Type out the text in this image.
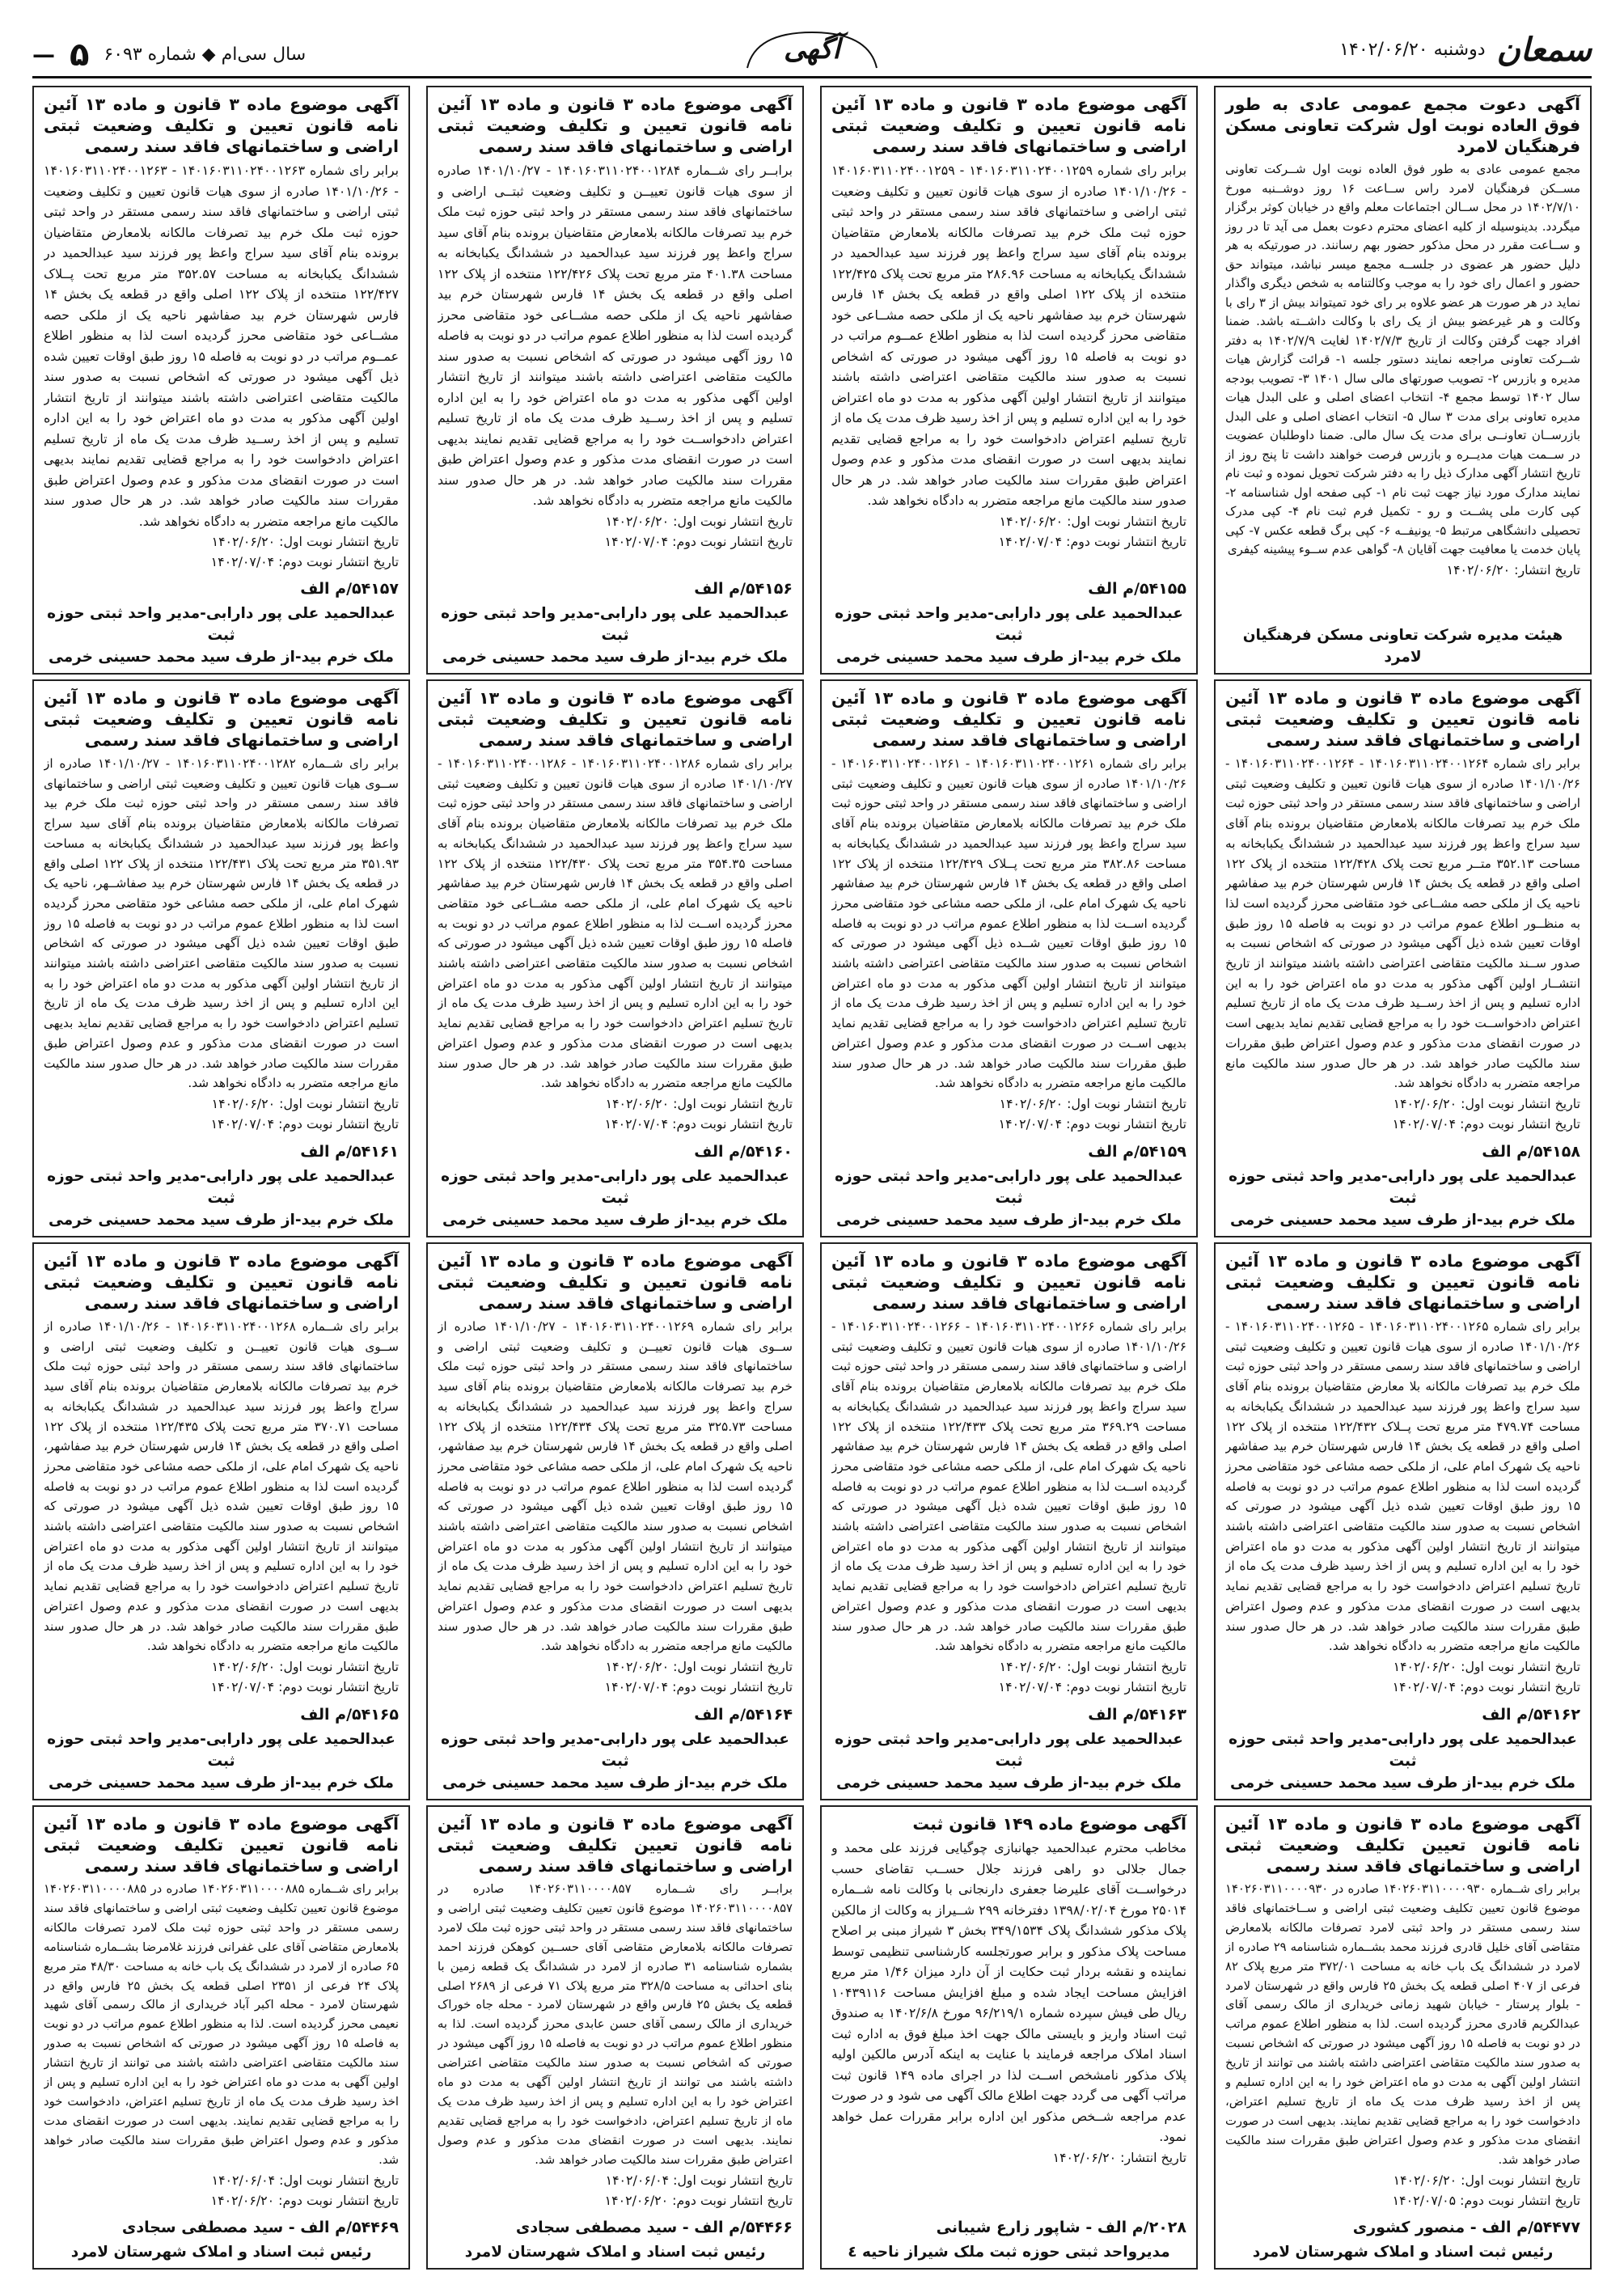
سمعان
دوشنبه ۱۴۰۲/۰۶/۲۰
آگهی
سال سی‌ام ◆ شماره ۶۰۹۳
۵
—
آگهی دعوت مجمع عمومی عادی به طور فوق العاده نوبت اول شرکت تعاونی مسکن فرهنگیان لامرد

مجمع عمومی عادی به طور فوق العاده نوبت اول شــرکت تعاونی مســکن فرهنگیان لامرد راس ســاعت ۱۶ روز دوشــنبه مورخ ۱۴۰۲/۷/۱۰ در محل ســالن اجتماعات معلم واقع در خیابان کوثر برگزار میگردد. بدینوسیله از کلیه اعضای محترم دعوت بعمل می آید تا در روز و ســاعت مقرر در محل مذکور حضور بهم رسانند. در صورتیکه به هر دلیل حضور هر عضوی در جلســه مجمع میسر نباشد، میتواند حق حضور و اعمال رای خود را به موجب وکالتنامه به شخص دیگری واگذار نماید در هر صورت هر عضو علاوه بر رای خود تمیتواند بیش از ۳ رای با وکالت و هر غیرعضو بیش از یک رای با وکالت داشــته باشد. ضمنا افراد جهت گرفتن وکالت از تاریخ ۱۴۰۲/۷/۳ لغایت ۱۴۰۲/۷/۹ به دفتر شــرکت تعاونی مراجعه نمایند دستور جلسه ۱- قرائت گزارش هیات مدیره و بازرس ۲- تصویب صورتهای مالی سال ۱۴۰۱ ۳- تصویب بودجه سال ۱۴۰۲ توسط مجمع ۴- انتخاب اعضای اصلی و علی البدل هیات مدیره تعاونی برای مدت ۳ سال ۵- انتخاب اعضای اصلی و علی البدل بازرســان تعاونــی برای مدت یک سال مالی. ضمنا داوطلبان عضویت در ســمت هیات مدیــره و بازرس فرصت خواهند داشت تا پنج روز از تاریخ انتشار آگهی مدارک ذیل را به دفتر شرکت تحویل نموده و ثبت نام نمایند مدارک مورد نیاز جهت ثبت نام ۱- کپی صفحه اول شناسنامه ۲- کپی کارت ملی پشــت و رو - تکمیل فرم ثبت نام ۴- کپی مدرک تحصیلی دانشگاهی مرتبط ۵- یونیفــه ۶- کپی برگ قطعه عکس ۷- کپی پایان خدمت یا معافیت جهت آقایان ۸- گواهی عدم ســوء پیشینه کیفری

تاریخ انتشار: ۱۴۰۲/۰۶/۲۰

هیئت مدیره شرکت تعاونی مسکن فرهنگیان لامرد

آگهی موضوع ماده ۳ قانون و ماده ۱۳ آئین نامه قانون تعیین و تکلیف وضعیت ثبتی اراضی و ساختمانهای فاقد سند رسمی

برابر رای شماره ۱۴۰۱۶۰۳۱۱۰۲۴۰۰۱۲۵۹ - ۱۴۰۱۶۰۳۱۱۰۲۴۰۰۱۲۵۹ - ۱۴۰۱/۱۰/۲۶ صادره از سوی هیات قانون تعیین و تکلیف وضعیت ثبتی اراضی و ساختمانهای فاقد سند رسمی مستقر در واحد ثبتی حوزه ثبت ملک خرم بید تصرفات مالکانه بلامعارض متقاضیان برونده بنام آقای سید سراج واعظ پور فرزند سید عبدالحمید در ششدانگ یکبابخانه به مساحت ۲۸۶.۹۶ متر مربع تحت پلاک ۱۲۲/۴۲۵ منتخده از پلاک ۱۲۲ اصلی واقع در قطعه یک بخش ۱۴ فارس شهرستان خرم بید صفاشهر ناحیه یک از ملکی حصه مشــاعی خود متقاضی محرز گردیده است لذا به منظور اطلاع عمــوم مراتب در دو نوبت به فاصله ۱۵ روز آگهی میشود در صورتی که اشخاص نسبت به صدور سند مالکیت متقاضی اعتراضی داشته باشند میتوانند از تاریخ انتشار اولین آگهی مذکور به مدت دو ماه اعتراض خود را به این اداره تسلیم و پس از اخذ رسید ظرف مدت یک ماه از تاریخ تسلیم اعتراض دادخواست خود را به مراجع قضایی تقدیم نمایند بدیهی است در صورت انقضای مدت مذکور و عدم وصول اعتراض طبق مقررات سند مالکیت صادر خواهد شد. در هر حال صدور سند مالکیت مانع مراجعه متضرر به دادگاه نخواهد شد.

تاریخ انتشار نوبت اول: ۱۴۰۲/۰۶/۲۰

تاریخ انتشار نوبت دوم: ۱۴۰۲/۰۷/۰۴

۵۴۱۵۵/م الف

عبدالحمید علی پور دارابی-مدیر واحد ثبتی حوزه ثبت

ملک خرم بید-از طرف سید محمد حسینی خرمی

آگهی موضوع ماده ۳ قانون و ماده ۱۳ آئین نامه قانون تعیین و تکلیف وضعیت ثبتی اراضی و ساختمانهای فاقد سند رسمی

برابــر رای شــماره ۱۴۰۱۶۰۳۱۱۰۲۴۰۰۱۲۸۴ - ۱۴۰۱/۱۰/۲۷ صادره از سوی هیات قانون تعییــن و تکلیف وضعیت ثبتــی اراضی و ساختمانهای فاقد سند رسمی مستقر در واحد ثبتی حوزه ثبت ملک خرم بید تصرفات مالکانه بلامعارض متقاضیان برونده بنام آقای سید سراج واعظ پور فرزند سید عبدالحمید در ششدانگ یکبابخانه به مساحت ۴۰۱.۳۸ متر مربع تحت پلاک ۱۲۲/۴۲۶ منتخده از پلاک ۱۲۲ اصلی واقع در قطعه یک بخش ۱۴ فارس شهرستان خرم بید صفاشهر ناحیه یک از ملکی حصه مشــاعی خود متقاضی محرز گردیده است لذا به منظور اطلاع عموم مراتب در دو نوبت به فاصله ۱۵ روز آگهی میشود در صورتی که اشخاص نسبت به صدور سند مالکیت متقاضی اعتراضی داشته باشند میتوانند از تاریخ انتشار اولین آگهی مذکور به مدت دو ماه اعتراض خود را به این اداره تسلیم و پس از اخذ رســید ظرف مدت یک ماه از تاریخ تسلیم اعتراض دادخواســت خود را به مراجع قضایی تقدیم نمایند بدیهی است در صورت انقضای مدت مذکور و عدم وصول اعتراض طبق مقررات سند مالکیت صادر خواهد شد. در هر حال صدور سند مالکیت مانع مراجعه متضرر به دادگاه نخواهد شد.

تاریخ انتشار نوبت اول: ۱۴۰۲/۰۶/۲۰

تاریخ انتشار نوبت دوم: ۱۴۰۲/۰۷/۰۴

۵۴۱۵۶/م الف

عبدالحمید علی پور دارابی-مدیر واحد ثبتی حوزه ثبت

ملک خرم بید-از طرف سید محمد حسینی خرمی

آگهی موضوع ماده ۳ قانون و ماده ۱۳ آئین نامه قانون تعیین و تکلیف وضعیت ثبتی اراضی و ساختمانهای فاقد سند رسمی

برابر رای شماره ۱۴۰۱۶۰۳۱۱۰۲۴۰۰۱۲۶۳ - ۱۴۰۱۶۰۳۱۱۰۲۴۰۰۱۲۶۳ - ۱۴۰۱/۱۰/۲۶ صادره از سوی هیات قانون تعیین و تکلیف وضعیت ثبتی اراضی و ساختمانهای فاقد سند رسمی مستقر در واحد ثبتی حوزه ثبت ملک خرم بید تصرفات مالکانه بلامعارض متقاضیان برونده بنام آقای سید سراج واعظ پور فرزند سید عبدالحمید در ششدانگ یکبابخانه به مساحت ۳۵۲.۵۷ متر مربع تحت پــلاک ۱۲۲/۴۲۷ منتخده از پلاک ۱۲۲ اصلی واقع در قطعه یک بخش ۱۴ فارس شهرستان خرم بید صفاشهر ناحیه یک از ملکی حصه مشــاعی خود متقاضی محرز گردیده است لذا به منظور اطلاع عمــوم مراتب در دو نوبت به فاصله ۱۵ روز طبق اوقات تعیین شده ذیل آگهی میشود در صورتی که اشخاص نسبت به صدور سند مالکیت متقاضی اعتراضی داشته باشند میتوانند از تاریخ انتشار اولین آگهی مذکور به مدت دو ماه اعتراض خود را به این اداره تسلیم و پس از اخذ رســید ظرف مدت یک ماه از تاریخ تسلیم اعتراض دادخواست خود را به مراجع قضایی تقدیم نمایند بدیهی است در صورت انقضای مدت مذکور و عدم وصول اعتراض طبق مقررات سند مالکیت صادر خواهد شد. در هر حال صدور سند مالکیت مانع مراجعه متضرر به دادگاه نخواهد شد.

تاریخ انتشار نوبت اول: ۱۴۰۲/۰۶/۲۰

تاریخ انتشار نوبت دوم: ۱۴۰۲/۰۷/۰۴

۵۴۱۵۷/م الف

عبدالحمید علی پور دارابی-مدیر واحد ثبتی حوزه ثبت

ملک خرم بید-از طرف سید محمد حسینی خرمی

آگهی موضوع ماده ۳ قانون و ماده ۱۳ آئین نامه قانون تعیین و تکلیف وضعیت ثبتی اراضی و ساختمانهای فاقد سند رسمی

برابر رای شماره ۱۴۰۱۶۰۳۱۱۰۲۴۰۰۱۲۶۴ - ۱۴۰۱۶۰۳۱۱۰۲۴۰۰۱۲۶۴ - ۱۴۰۱/۱۰/۲۶ صادره از سوی هیات قانون تعیین و تکلیف وضعیت ثبتی اراضی و ساختمانهای فاقد سند رسمی مستقر در واحد ثبتی حوزه ثبت ملک خرم بید تصرفات مالکانه بلامعارض متقاضیان برونده بنام آقای سید سراج واعظ پور فرزند سید عبدالحمید در ششدانگ یکبابخانه به مساحت ۳۵۲.۱۳ متــر مربع تحت پلاک ۱۲۲/۴۲۸ منتخده از پلاک ۱۲۲ اصلی واقع در قطعه یک بخش ۱۴ فارس شهرستان خرم بید صفاشهر ناحیه یک از ملکی حصه مشــاعی خود متقاضی محرز گردیده است لذا به منظــور اطلاع عموم مراتب در دو نوبت به فاصله ۱۵ روز طبق اوقات تعیین شده ذیل آگهی میشود در صورتی که اشخاص نسبت به صدور ســند مالکیت متقاضی اعتراضی داشته باشند میتوانند از تاریخ انتشــار اولین آگهی مذکور به مدت دو ماه اعتراض خود را به این اداره تسلیم و پس از اخذ رســید ظرف مدت یک ماه از تاریخ تسلیم اعتراض دادخواســت خود را به مراجع قضایی تقدیم نماید بدیهی است در صورت انقضای مدت مذکور و عدم وصول اعتراض طبق مقررات سند مالکیت صادر خواهد شد. در هر حال صدور سند مالکیت مانع مراجعه متضرر به دادگاه نخواهد شد.

تاریخ انتشار نوبت اول: ۱۴۰۲/۰۶/۲۰

تاریخ انتشار نوبت دوم: ۱۴۰۲/۰۷/۰۴

۵۴۱۵۸/م الف

عبدالحمید علی پور دارابی-مدیر واحد ثبتی حوزه ثبت

ملک خرم بید-از طرف سید محمد حسینی خرمی

آگهی موضوع ماده ۳ قانون و ماده ۱۳ آئین نامه قانون تعیین و تکلیف وضعیت ثبتی اراضی و ساختمانهای فاقد سند رسمی

برابر رای شماره ۱۴۰۱۶۰۳۱۱۰۲۴۰۰۱۲۶۱ - ۱۴۰۱۶۰۳۱۱۰۲۴۰۰۱۲۶۱ - ۱۴۰۱/۱۰/۲۶ صادره از سوی هیات قانون تعیین و تکلیف وضعیت ثبتی اراضی و ساختمانهای فاقد سند رسمی مستقر در واحد ثبتی حوزه ثبت ملک خرم بید تصرفات مالکانه بلامعارض متقاضیان برونده بنام آقای سید سراج واعظ پور فرزند سید عبدالحمید در ششدانگ یکبابخانه به مساحت ۳۸۲.۸۶ متر مربع تحت پــلاک ۱۲۲/۴۲۹ منتخده از پلاک ۱۲۲ اصلی واقع در قطعه یک بخش ۱۴ فارس شهرستان خرم بید صفاشهر ناحیه یک شهرک امام علی، از ملکی حصه مشاعی خود متقاضی محرز گردیده اســت لذا به منظور اطلاع عموم مراتب در دو نوبت به فاصله ۱۵ روز طبق اوقات تعیین شــده ذیل آگهی میشود در صورتی که اشخاص نسبت به صدور سند مالکیت متقاضی اعتراضی داشته باشند میتوانند از تاریخ انتشار اولین آگهی مذکور به مدت دو ماه اعتراض خود را به این اداره تسلیم و پس از اخذ رسید ظرف مدت یک ماه از تاریخ تسلیم اعتراض دادخواست خود را به مراجع قضایی تقدیم نماید بدیهی اســت در صورت انقضای مدت مذکور و عدم وصول اعتراض طبق مقررات سند مالکیت صادر خواهد شد. در هر حال صدور سند مالکیت مانع مراجعه متضرر به دادگاه نخواهد شد.

تاریخ انتشار نوبت اول: ۱۴۰۲/۰۶/۲۰

تاریخ انتشار نوبت دوم: ۱۴۰۲/۰۷/۰۴

۵۴۱۵۹/م الف

عبدالحمید علی پور دارابی-مدیر واحد ثبتی حوزه ثبت

ملک خرم بید-از طرف سید محمد حسینی خرمی

آگهی موضوع ماده ۳ قانون و ماده ۱۳ آئین نامه قانون تعیین و تکلیف وضعیت ثبتی اراضی و ساختمانهای فاقد سند رسمی

برابر رای شماره ۱۴۰۱۶۰۳۱۱۰۲۴۰۰۱۲۸۶ - ۱۴۰۱۶۰۳۱۱۰۲۴۰۰۱۲۸۶ - ۱۴۰۱/۱۰/۲۷ صادره از سوی هیات قانون تعیین و تکلیف وضعیت ثبتی اراضی و ساختمانهای فاقد سند رسمی مستقر در واحد ثبتی حوزه ثبت ملک خرم بید تصرفات مالکانه بلامعارض متقاضیان برونده بنام آقای سید سراج واعظ پور فرزند سید عبدالحمید در ششدانگ یکبابخانه به مساحت ۳۵۴.۳۵ متر مربع تحت پلاک ۱۲۲/۴۳۰ منتخده از پلاک ۱۲۲ اصلی واقع در قطعه یک بخش ۱۴ فارس شهرستان خرم بید صفاشهر ناحیه یک شهرک امام علی، از ملکی حصه مشــاعی خود متقاضی محرز گردیده اســت لذا به منظور اطلاع عموم مراتب در دو نوبت به فاصله ۱۵ روز طبق اوقات تعیین شده ذیل آگهی میشود در صورتی که اشخاص نسبت به صدور سند مالکیت متقاضی اعتراضی داشته باشند میتوانند از تاریخ انتشار اولین آگهی مذکور به مدت دو ماه اعتراض خود را به این اداره تسلیم و پس از اخذ رسید ظرف مدت یک ماه از تاریخ تسلیم اعتراض دادخواست خود را به مراجع قضایی تقدیم نماید بدیهی است در صورت انقضای مدت مذکور و عدم وصول اعتراض طبق مقررات سند مالکیت صادر خواهد شد. در هر حال صدور سند مالکیت مانع مراجعه متضرر به دادگاه نخواهد شد.

تاریخ انتشار نوبت اول: ۱۴۰۲/۰۶/۲۰

تاریخ انتشار نوبت دوم: ۱۴۰۲/۰۷/۰۴

۵۴۱۶۰/م الف

عبدالحمید علی پور دارابی-مدیر واحد ثبتی حوزه ثبت

ملک خرم بید-از طرف سید محمد حسینی خرمی

آگهی موضوع ماده ۳ قانون و ماده ۱۳ آئین نامه قانون تعیین و تکلیف وضعیت ثبتی اراضی و ساختمانهای فاقد سند رسمی

برابر رای شــماره ۱۴۰۱۶۰۳۱۱۰۲۴۰۰۱۲۸۲ - ۱۴۰۱/۱۰/۲۷ صادره از ســوی هیات قانون تعیین و تکلیف وضعیت ثبتی اراضی و ساختمانهای فاقد سند رسمی مستقر در واحد ثبتی حوزه ثبت ملک خرم بید تصرفات مالکانه بلامعارض متقاضیان برونده بنام آقای سید سراج واعظ پور فرزند سید عبدالحمید در ششدانگ یکبابخانه به مساحت ۳۵۱.۹۳ متر مربع تحت پلاک ۱۲۲/۴۳۱ منتخده از پلاک ۱۲۲ اصلی واقع در قطعه یک بخش ۱۴ فارس شهرستان خرم بید صفاشــهر، ناحیه یک شهرک امام علی، از ملکی حصه مشاعی خود متقاضی محرز گردیده است لذا به منظور اطلاع عموم مراتب در دو نوبت به فاصله ۱۵ روز طبق اوقات تعیین شده ذیل آگهی میشود در صورتی که اشخاص نسبت به صدور سند مالکیت متقاضی اعتراضی داشته باشند میتوانند از تاریخ انتشار اولین آگهی مذکور به مدت دو ماه اعتراض خود را به این اداره تسلیم و پس از اخذ رسید ظرف مدت یک ماه از تاریخ تسلیم اعتراض دادخواست خود را به مراجع قضایی تقدیم نماید بدیهی است در صورت انقضای مدت مذکور و عدم وصول اعتراض طبق مقررات سند مالکیت صادر خواهد شد. در هر حال صدور سند مالکیت مانع مراجعه متضرر به دادگاه نخواهد شد.

تاریخ انتشار نوبت اول: ۱۴۰۲/۰۶/۲۰

تاریخ انتشار نوبت دوم: ۱۴۰۲/۰۷/۰۴

۵۴۱۶۱/م الف

عبدالحمید علی پور دارابی-مدیر واحد ثبتی حوزه ثبت

ملک خرم بید-از طرف سید محمد حسینی خرمی

آگهی موضوع ماده ۳ قانون و ماده ۱۳ آئین نامه قانون تعیین و تکلیف وضعیت ثبتی اراضی و ساختمانهای فاقد سند رسمی

برابر رای شماره ۱۴۰۱۶۰۳۱۱۰۲۴۰۰۱۲۶۵ - ۱۴۰۱۶۰۳۱۱۰۲۴۰۰۱۲۶۵ - ۱۴۰۱/۱۰/۲۶ صادره از سوی هیات قانون تعیین و تکلیف وضعیت ثبتی اراضی و ساختمانهای فاقد سند رسمی مستقر در واحد ثبتی حوزه ثبت ملک خرم بید تصرفات مالکانه بلا معارض متقاضیان برونده بنام آقای سید سراج واعظ پور فرزند سید عبدالحمید در ششدانگ یکبابخانه به مساحت ۴۷۹.۷۴ متر مربع تحت پــلاک ۱۲۲/۴۳۲ منتخده از پلاک ۱۲۲ اصلی واقع در قطعه یک بخش ۱۴ فارس شهرستان خرم بید صفاشهر ناحیه یک شهرک امام علی، از ملکی حصه مشاعی خود متقاضی محرز گردیده است لذا به منظور اطلاع عموم مراتب در دو نوبت به فاصله ۱۵ روز طبق اوقات تعیین شده ذیل آگهی میشود در صورتی که اشخاص نسبت به صدور سند مالکیت متقاضی اعتراضی داشته باشند میتوانند از تاریخ انتشار اولین آگهی مذکور به مدت دو ماه اعتراض خود را به این اداره تسلیم و پس از اخذ رسید ظرف مدت یک ماه از تاریخ تسلیم اعتراض دادخواست خود را به مراجع قضایی تقدیم نماید بدیهی است در صورت انقضای مدت مذکور و عدم وصول اعتراض طبق مقررات سند مالکیت صادر خواهد شد. در هر حال صدور سند مالکیت مانع مراجعه متضرر به دادگاه نخواهد شد.

تاریخ انتشار نوبت اول: ۱۴۰۲/۰۶/۲۰

تاریخ انتشار نوبت دوم: ۱۴۰۲/۰۷/۰۴

۵۴۱۶۲/م الف

عبدالحمید علی پور دارابی-مدیر واحد ثبتی حوزه ثبت

ملک خرم بید-از طرف سید محمد حسینی خرمی

آگهی موضوع ماده ۳ قانون و ماده ۱۳ آئین نامه قانون تعیین و تکلیف وضعیت ثبتی اراضی و ساختمانهای فاقد سند رسمی

برابر رای شماره ۱۴۰۱۶۰۳۱۱۰۲۴۰۰۱۲۶۶ - ۱۴۰۱۶۰۳۱۱۰۲۴۰۰۱۲۶۶ - ۱۴۰۱/۱۰/۲۶ صادره از سوی هیات قانون تعیین و تکلیف وضعیت ثبتی اراضی و ساختمانهای فاقد سند رسمی مستقر در واحد ثبتی حوزه ثبت ملک خرم بید تصرفات مالکانه بلامعارض متقاضیان برونده بنام آقای سید سراج واعظ پور فرزند سید عبدالحمید در ششدانگ یکبابخانه به مساحت ۳۶۹.۲۹ متر مربع تحت پلاک ۱۲۲/۴۳۳ منتخده از پلاک ۱۲۲ اصلی واقع در قطعه یک بخش ۱۴ فارس شهرستان خرم بید صفاشهر ناحیه یک شهرک امام علی، از ملکی حصه مشاعی خود متقاضی محرز گردیده اســت لذا به منظور اطلاع عموم مراتب در دو نوبت به فاصله ۱۵ روز طبق اوقات تعیین شده ذیل آگهی میشود در صورتی که اشخاص نسبت به صدور سند مالکیت متقاضی اعتراضی داشته باشند میتوانند از تاریخ انتشار اولین آگهی مذکور به مدت دو ماه اعتراض خود را به این اداره تسلیم و پس از اخذ رسید ظرف مدت یک ماه از تاریخ تسلیم اعتراض دادخواست خود را به مراجع قضایی تقدیم نماید بدیهی است در صورت انقضای مدت مذکور و عدم وصول اعتراض طبق مقررات سند مالکیت صادر خواهد شد. در هر حال صدور سند مالکیت مانع مراجعه متضرر به دادگاه نخواهد شد.

تاریخ انتشار نوبت اول: ۱۴۰۲/۰۶/۲۰

تاریخ انتشار نوبت دوم: ۱۴۰۲/۰۷/۰۴

۵۴۱۶۳/م الف

عبدالحمید علی پور دارابی-مدیر واحد ثبتی حوزه ثبت

ملک خرم بید-از طرف سید محمد حسینی خرمی

آگهی موضوع ماده ۳ قانون و ماده ۱۳ آئین نامه قانون تعیین و تکلیف وضعیت ثبتی اراضی و ساختمانهای فاقد سند رسمی

برابر رای شماره ۱۴۰۱۶۰۳۱۱۰۲۴۰۰۱۲۶۹ - ۱۴۰۱/۱۰/۲۷ صادره از ســوی هیات قانون تعییــن و تکلیف وضعیت ثبتی اراضی و ساختمانهای فاقد سند رسمی مستقر در واحد ثبتی حوزه ثبت ملک خرم بید تصرفات مالکانه بلامعارض متقاضیان برونده بنام آقای سید سراج واعظ پور فرزند سید عبدالحمید در ششدانگ یکبابخانه به مساحت ۳۲۵.۷۳ متر مربع تحت پلاک ۱۲۲/۴۳۴ منتخده از پلاک ۱۲۲ اصلی واقع در قطعه یک بخش ۱۴ فارس شهرستان خرم بید صفاشهر، ناحیه یک شهرک امام علی، از ملکی حصه مشاعی خود متقاضی محرز گردیده است لذا به منظور اطلاع عموم مراتب در دو نوبت به فاصله ۱۵ روز طبق اوقات تعیین شده ذیل آگهی میشود در صورتی که اشخاص نسبت به صدور سند مالکیت متقاضی اعتراضی داشته باشند میتوانند از تاریخ انتشار اولین آگهی مذکور به مدت دو ماه اعتراض خود را به این اداره تسلیم و پس از اخذ رسید ظرف مدت یک ماه از تاریخ تسلیم اعتراض دادخواست خود را به مراجع قضایی تقدیم نماید بدیهی است در صورت انقضای مدت مذکور و عدم وصول اعتراض طبق مقررات سند مالکیت صادر خواهد شد. در هر حال صدور سند مالکیت مانع مراجعه متضرر به دادگاه نخواهد شد.

تاریخ انتشار نوبت اول: ۱۴۰۲/۰۶/۲۰

تاریخ انتشار نوبت دوم: ۱۴۰۲/۰۷/۰۴

۵۴۱۶۴/م الف

عبدالحمید علی پور دارابی-مدیر واحد ثبتی حوزه ثبت

ملک خرم بید-از طرف سید محمد حسینی خرمی

آگهی موضوع ماده ۳ قانون و ماده ۱۳ آئین نامه قانون تعیین و تکلیف وضعیت ثبتی اراضی و ساختمانهای فاقد سند رسمی

برابر رای شــماره ۱۴۰۱۶۰۳۱۱۰۲۴۰۰۱۲۶۸ - ۱۴۰۱/۱۰/۲۶ صادره از ســوی هیات قانون تعییــن و تکلیف وضعیت ثبتی اراضی و ساختمانهای فاقد سند رسمی مستقر در واحد ثبتی حوزه ثبت ملک خرم بید تصرفات مالکانه بلامعارض متقاضیان برونده بنام آقای سید سراج واعظ پور فرزند سید عبدالحمید در ششدانگ یکبابخانه به مساحت ۳۷۰.۷۱ متر مربع تحت پلاک ۱۲۲/۴۳۵ منتخده از پلاک ۱۲۲ اصلی واقع در قطعه یک بخش ۱۴ فارس شهرستان خرم بید صفاشهر، ناحیه یک شهرک امام علی، از ملکی حصه مشاعی خود متقاضی محرز گردیده است لذا به منظور اطلاع عموم مراتب در دو نوبت به فاصله ۱۵ روز طبق اوقات تعیین شده ذیل آگهی میشود در صورتی که اشخاص نسبت به صدور سند مالکیت متقاضی اعتراضی داشته باشند میتوانند از تاریخ انتشار اولین آگهی مذکور به مدت دو ماه اعتراض خود را به این اداره تسلیم و پس از اخذ رسید ظرف مدت یک ماه از تاریخ تسلیم اعتراض دادخواست خود را به مراجع قضایی تقدیم نماید بدیهی است در صورت انقضای مدت مذکور و عدم وصول اعتراض طبق مقررات سند مالکیت صادر خواهد شد. در هر حال صدور سند مالکیت مانع مراجعه متضرر به دادگاه نخواهد شد.

تاریخ انتشار نوبت اول: ۱۴۰۲/۰۶/۲۰

تاریخ انتشار نوبت دوم: ۱۴۰۲/۰۷/۰۴

۵۴۱۶۵/م الف

عبدالحمید علی پور دارابی-مدیر واحد ثبتی حوزه ثبت

ملک خرم بید-از طرف سید محمد حسینی خرمی

آگهی موضوع ماده ۳ قانون و ماده ۱۳ آئین نامه قانون تعیین تکلیف وضعیت ثبتی اراضی و ساختمانهای فاقد سند رسمی

برابر رای شــماره ۱۴۰۲۶۰۳۱۱۰۰۰۰۹۳۰ صادره در ۱۴۰۲۶۰۳۱۱۰۰۰۰۹۳۰ موضوع قانون تعیین تکلیف وضعیت ثبتی اراضی و ســاختمانهای فاقد سند رسمی مستقر در واحد ثبتی لامرد تصرفات مالکانه بلامعارض متقاضی آقای خلیل قادری فرزند محمد بشــماره شناسنامه ۲۹ صادره از لامرد در ششدانگ یک باب خانه به مساحت ۳۷۲/۰۱ متر مربع پلاک ۸۲ فرعی از ۴۰۷ اصلی قطعه یک بخش ۲۵ فارس واقع در شهرستان لامرد - بلوار پرستار - خیابان شهید زمانی خریداری از مالک رسمی آقای عبدالکریم قادری محرز گردیده است. لذا به منظور اطلاع عموم مراتب در دو نوبت به فاصله ۱۵ روز آگهی میشود در صورتی که اشخاص نسبت به صدور سند مالکیت متقاضی اعتراضی داشته باشند می توانند از تاریخ انتشار اولین آگهی به مدت دو ماه اعتراض خود را به این اداره تسلیم و پس از اخذ رسید ظرف مدت یک ماه از تاریخ تسلیم اعتراض، دادخواست خود را به مراجع قضایی تقدیم نمایند. بدیهی است در صورت انقضای مدت مذکور و عدم وصول اعتراض طبق مقررات سند مالکیت صادر خواهد شد.

تاریخ انتشار نوبت اول: ۱۴۰۲/۰۶/۲۰

تاریخ انتشار نوبت دوم: ۱۴۰۲/۰۷/۰۵

۵۴۴۷۷/م الف - منصور کشوری

رئیس ثبت اسناد و املاک شهرستان لامرد

آگهی موضوع ماده ۱۴۹ قانون ثبت

مخاطب محترم عبدالحمید جهانبازی چوگیایی فرزند علی محمد و جمال جلالی دو راهی فرزند جلال حســب تقاضای حسب درخواســت آقای علیرضا جعفری دارنجانی با وکالت نامه شــماره ۲۵۰۱۴ مورخ ۱۳۹۸/۰۲/۰۴ دفترخانه ۲۹۹ شــیراز به وکالت از مالکین پلاک مذکور ششدانگ پلاک ۳۴۹/۱۵۳۴ بخش ۳ شیراز مبنی بر اصلاح مساحت پلاک مذکور و برابر صورتجلسه کارشناسی تنظیمی توسط نماینده و نقشه بردار ثبت حکایت از آن دارد میزان ۱/۴۶ متر مربع افزایش مساحت ایجاد شده و مبلغ افزایش مساحت ۱۰۴۳۹۱۱۶ ریال طی فیش سپرده شماره ۹۶/۲۱۹/۱ مورخ ۱۴۰۲/۶/۸ به صندوق ثبت اسناد واریز و بایستی مالک جهت اخذ مبلغ فوق به اداره ثبت اسناد املاک مراجعه فرمایند با عنایت به اینکه آدرس مالکین اولیه پلاک مذکور نامشخص اســت لذا در اجرای ماده ۱۴۹ قانون ثبت مراتب آگهی می گردد جهت اطلاع مالک آگهی می شود و در صورت عدم مراجعه شــخص مذکور این اداره برابر مقررات عمل خواهد نمود.

تاریخ انتشار: ۱۴۰۲/۰۶/۲۰

۲۰۲۸/م الف - شاپور زارع شیبانی

مدیرواحد ثبتی حوزه ثبت ملک شیراز ناحیه ٤

آگهی موضوع ماده ۳ قانون و ماده ۱۳ آئین نامه قانون تعیین تکلیف وضعیت ثبتی اراضی و ساختمانهای فاقد سند رسمی

برابــر رای شــماره ۱۴۰۲۶۰۳۱۱۰۰۰۰۸۵۷ صادره در ۱۴۰۲۶۰۳۱۱۰۰۰۰۸۵۷ موضوع قانون تعیین تکلیف وضعیت ثبتی اراضی و ساختمانهای فاقد سند رسمی مستقر در واحد ثبتی حوزه ثبت ملک لامرد تصرفات مالکانه بلامعارض متقاضی آقای حســین کوهکن فرزند احمد بشماره شناسنامه ۳۱ صادره از لامرد در ششدانگ یک قطعه زمین با بنای احداثی به مساحت ۳۲۸/۵ متر مربع پلاک ۷۱ فرعی از ۲۶۸۹ اصلی قطعه یک بخش ۲۵ فارس واقع در شهرستان لامرد - محله جاه خوراک خریداری از مالک رسمی آقای حسن عابدی محرز گردیده است. لذا به منظور اطلاع عموم مراتب در دو نوبت به فاصله ۱۵ روز آگهی میشود در صورتی که اشخاص نسبت به صدور سند مالکیت متقاضی اعتراضی داشته باشند می توانند از تاریخ انتشار اولین آگهی به مدت دو ماه اعتراض خود را به این اداره تسلیم و پس از اخذ رسید ظرف مدت یک ماه از تاریخ تسلیم اعتراض، دادخواست خود را به مراجع قضایی تقدیم نمایند. بدیهی است در صورت انقضای مدت مذکور و عدم وصول اعتراض طبق مقررات سند مالکیت صادر خواهد شد.

تاریخ انتشار نوبت اول: ۱۴۰۲/۰۶/۰۴

تاریخ انتشار نوبت دوم: ۱۴۰۲/۰۶/۲۰

۵۴۴۶۶/م الف - سید مصطفی سجادی

رئیس ثبت اسناد و املاک شهرستان لامرد

آگهی موضوع ماده ۳ قانون و ماده ۱۳ آئین نامه قانون تعیین تکلیف وضعیت ثبتی اراضی و ساختمانهای فاقد سند رسمی

برابر رای شــماره ۱۴۰۲۶۰۳۱۱۰۰۰۰۸۸۵ صادره در ۱۴۰۲۶۰۳۱۱۰۰۰۰۸۸۵ موضوع قانون تعیین تکلیف وضعیت ثبتی اراضی و ساختمانهای فاقد سند رسمی مستقر در واحد ثبتی حوزه ثبت ملک لامرد تصرفات مالکانه بلامعارض متقاضی آقای علی غفرانی فرزند غلامرضا بشــماره شناسنامه ۶۵ صادره از لامرد در ششدانگ یک باب خانه به مساحت ۴۸/۳۰ متر مربع پلاک ۲۴ فرعی از ۲۳۵۱ اصلی قطعه یک بخش ۲۵ فارس واقع در شهرستان لامرد - محله اکبر آباد خریداری از مالک رسمی آقای شهید نعیمی محرز گردیده است. لذا به منظور اطلاع عموم مراتب در دو نوبت به فاصله ۱۵ روز آگهی میشود در صورتی که اشخاص نسبت به صدور سند مالکیت متقاضی اعتراضی داشته باشند می توانند از تاریخ انتشار اولین آگهی به مدت دو ماه اعتراض خود را به این اداره تسلیم و پس از اخذ رسید ظرف مدت یک ماه از تاریخ تسلیم اعتراض، دادخواست خود را به مراجع قضایی تقدیم نمایند. بدیهی است در صورت انقضای مدت مذکور و عدم وصول اعتراض طبق مقررات سند مالکیت صادر خواهد شد.

تاریخ انتشار نوبت اول: ۱۴۰۲/۰۶/۰۴

تاریخ انتشار نوبت دوم: ۱۴۰۲/۰۶/۲۰

۵۴۴۶۹/م الف - سید مصطفی سجادی

رئیس ثبت اسناد و املاک شهرستان لامرد
